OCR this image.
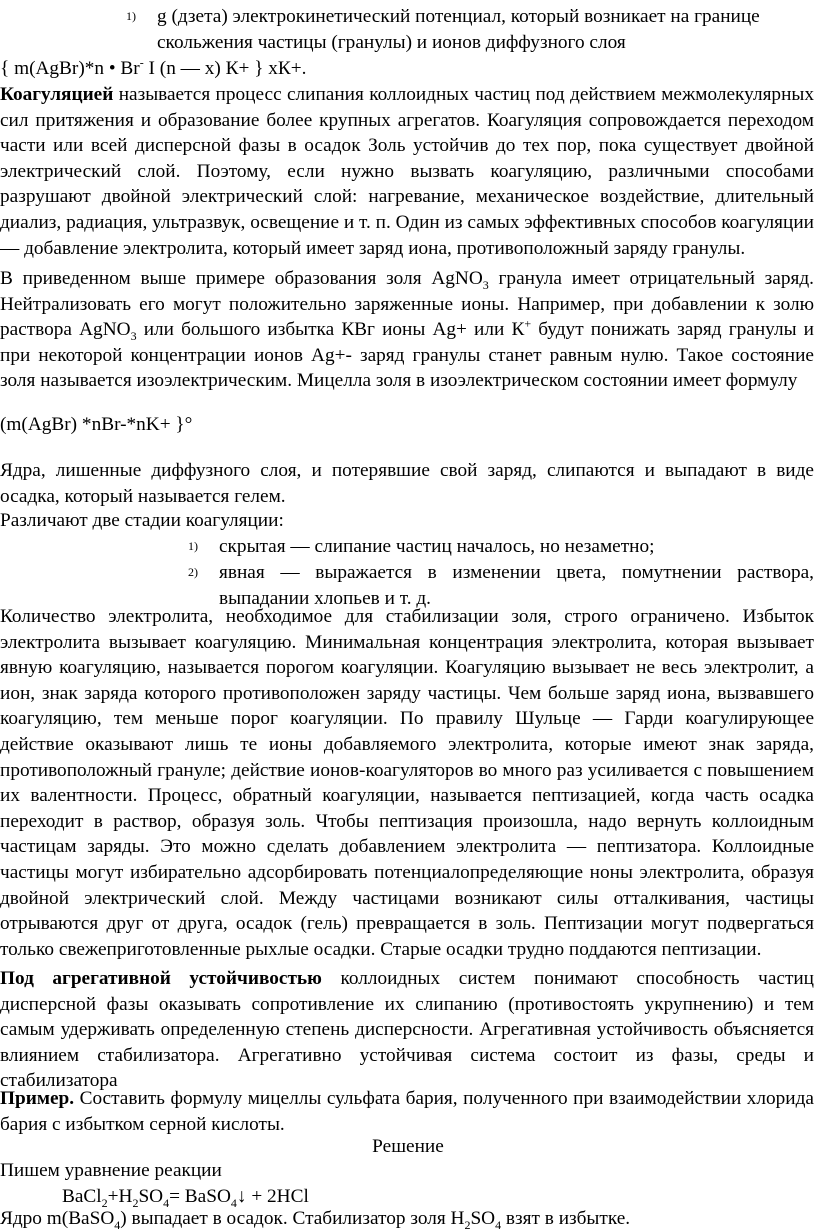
1) g (дзета) электрокинетический потенциал, который возникает на границе
скольжения частицы (гранулы) и ионов диффузного слоя
{ m(AgBr)*n • Br- I (n — x) К+ } xК+.

Коагуляцией называется процесс слипания коллоидных частиц под действием межмолекулярных сил притяжения и образование более крупных агрегатов. Коагуляция сопровождается переходом части или всей дисперсной фазы в осадок Золь устойчив до тех пор, пока существует двойной электрический слой. Поэтому, если нужно вызвать коагуляцию, различными способами разрушают двойной электрический слой: нагревание, механическое воздействие, длительный диализ, радиация, ультразвук, освещение и т. п. Один из самых эффективных способов коагуляции — добавление электролита, который имеет заряд иона, противоположный заряду гранулы.

В приведенном выше примере образования золя AgNO$_3$ гранула имеет отрицательный заряд. Нейтрализовать его могут положительно заряженные ионы. Например, при добавлении к золю раствора AgNO$_3$ или большого избытка КВг ионы Ag+ или К+ будут понижать заряд гранулы и при некоторой концентрации ионов Ag+- заряд гранулы станет равным нулю. Такое состояние золя называется изоэлектрическим. Мицелла золя в изоэлектрическом состоянии имеет формулу

(m(AgBr) *nBr-*nK+ }°

Ядра, лишенные диффузного слоя, и потерявшие свой заряд, слипаются и выпадают в виде осадка, который называется гелем.

Различают две стадии коагуляции:
1) скрытая — слипание частиц началось, но незаметно;
2) явная — выражается в изменении цвета, помутнении раствора, выпадании хлопьев и т. д.

Количество электролита, необходимое для стабилизации золя, строго ограничено. Избыток электролита вызывает коагуляцию. Минимальная концентрация электролита, которая вызывает явную коагуляцию, называется порогом коагуляции. Коагуляцию вызывает не весь электролит, а ион, знак заряда которого противоположен заряду частицы. Чем больше заряд иона, вызвавшего коагуляцию, тем меньше порог коагуляции. По правилу Шульце — Гарди коагулирующее действие оказывают лишь те ионы добавляемого электролита, которые имеют знак заряда, противоположный грануле; действие ионов-коагуляторов во много раз усиливается с повышением их валентности. Процесс, обратный коагуляции, называется пептизацией, когда часть осадка переходит в раствор, образуя золь. Чтобы пептизация произошла, надо вернуть коллоидным частицам заряды. Это можно сделать добавлением электролита — пептизатора. Коллоидные частицы могут избирательно адсорбировать потенциалопределяющие ноны электролита, образуя двойной электрический слой. Между частицами возникают силы отталкивания, частицы отрываются друг от друга, осадок (гель) превращается в золь. Пептизации могут подвергаться только свежеприготовленные рыхлые осадки. Старые осадки трудно поддаются пептизации.

Под агрегативной устойчивостью коллоидных систем понимают способность частиц дисперсной фазы оказывать сопротивление их слипанию (противостоять укрупнению) и тем самым удерживать определенную степень дисперсности. Агрегативная устойчивость объясняется влиянием стабилизатора. Агрегативно устойчивая система состоит из фазы, среды и стабилизатора

Пример. Составить формулу мицеллы сульфата бария, полученного при взаимодействии хлорида бария с избытком серной кислоты.

Решение
Пишем уравнение реакции
$BaCl_2+H_2SO_4=$ BaSO$_4$↓ + 2HCl
Ядро m(BaSO$_4$) выпадает в осадок. Стабилизатор золя $H_2SO_4$ взят в избытке.
